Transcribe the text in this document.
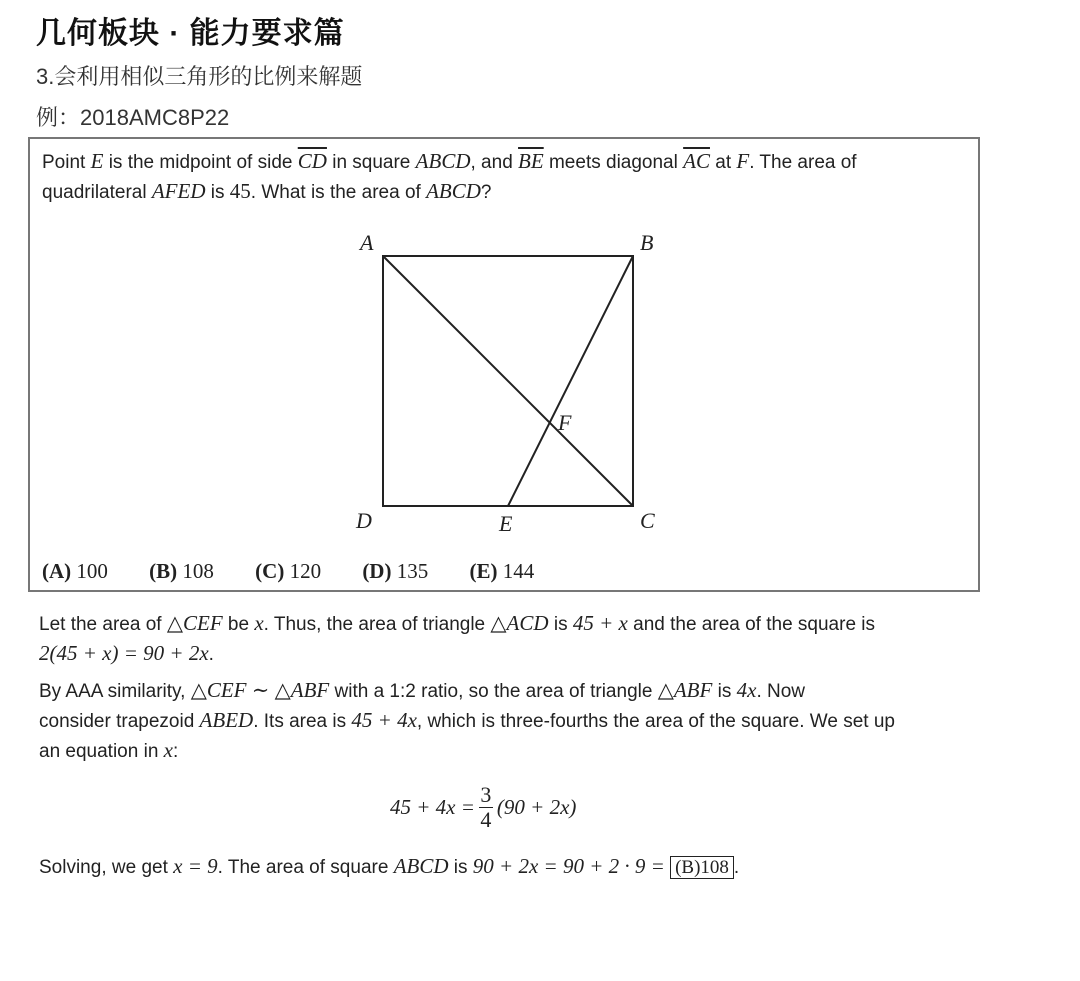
几何板块 · 能力要求篇
3.会利用相似三角形的比例来解题
例：2018AMC8P22
Point E is the midpoint of side $\overline{CD}$ in square ABCD, and $\overline{BE}$ meets diagonal $\overline{AC}$ at F. The area of quadrilateral AFED is 45. What is the area of ABCD?
A	B
C
D	E
F
(A) 100 (B) 108 (C) 120 (D) 135 (E) 144
Let the area of △CEF be x. Thus, the area of triangle △ACD is 45 + x and the area of the square is
2(45 + x) = 90 + 2x.
By AAA similarity, △CEF ∼ △ABF with a 1:2 ratio, so the area of triangle △ABF is 4x. Now
consider trapezoid ABED. Its area is 45 + 4x, which is three-fourths the area of the square. We set up
an equation in x:
$45 + 4x = \frac{3}{4} (90 + 2x)$
Solving, we get x = 9. The area of square ABCD is 90 + 2x = 90 + 2 · 9 = (B)108 .
